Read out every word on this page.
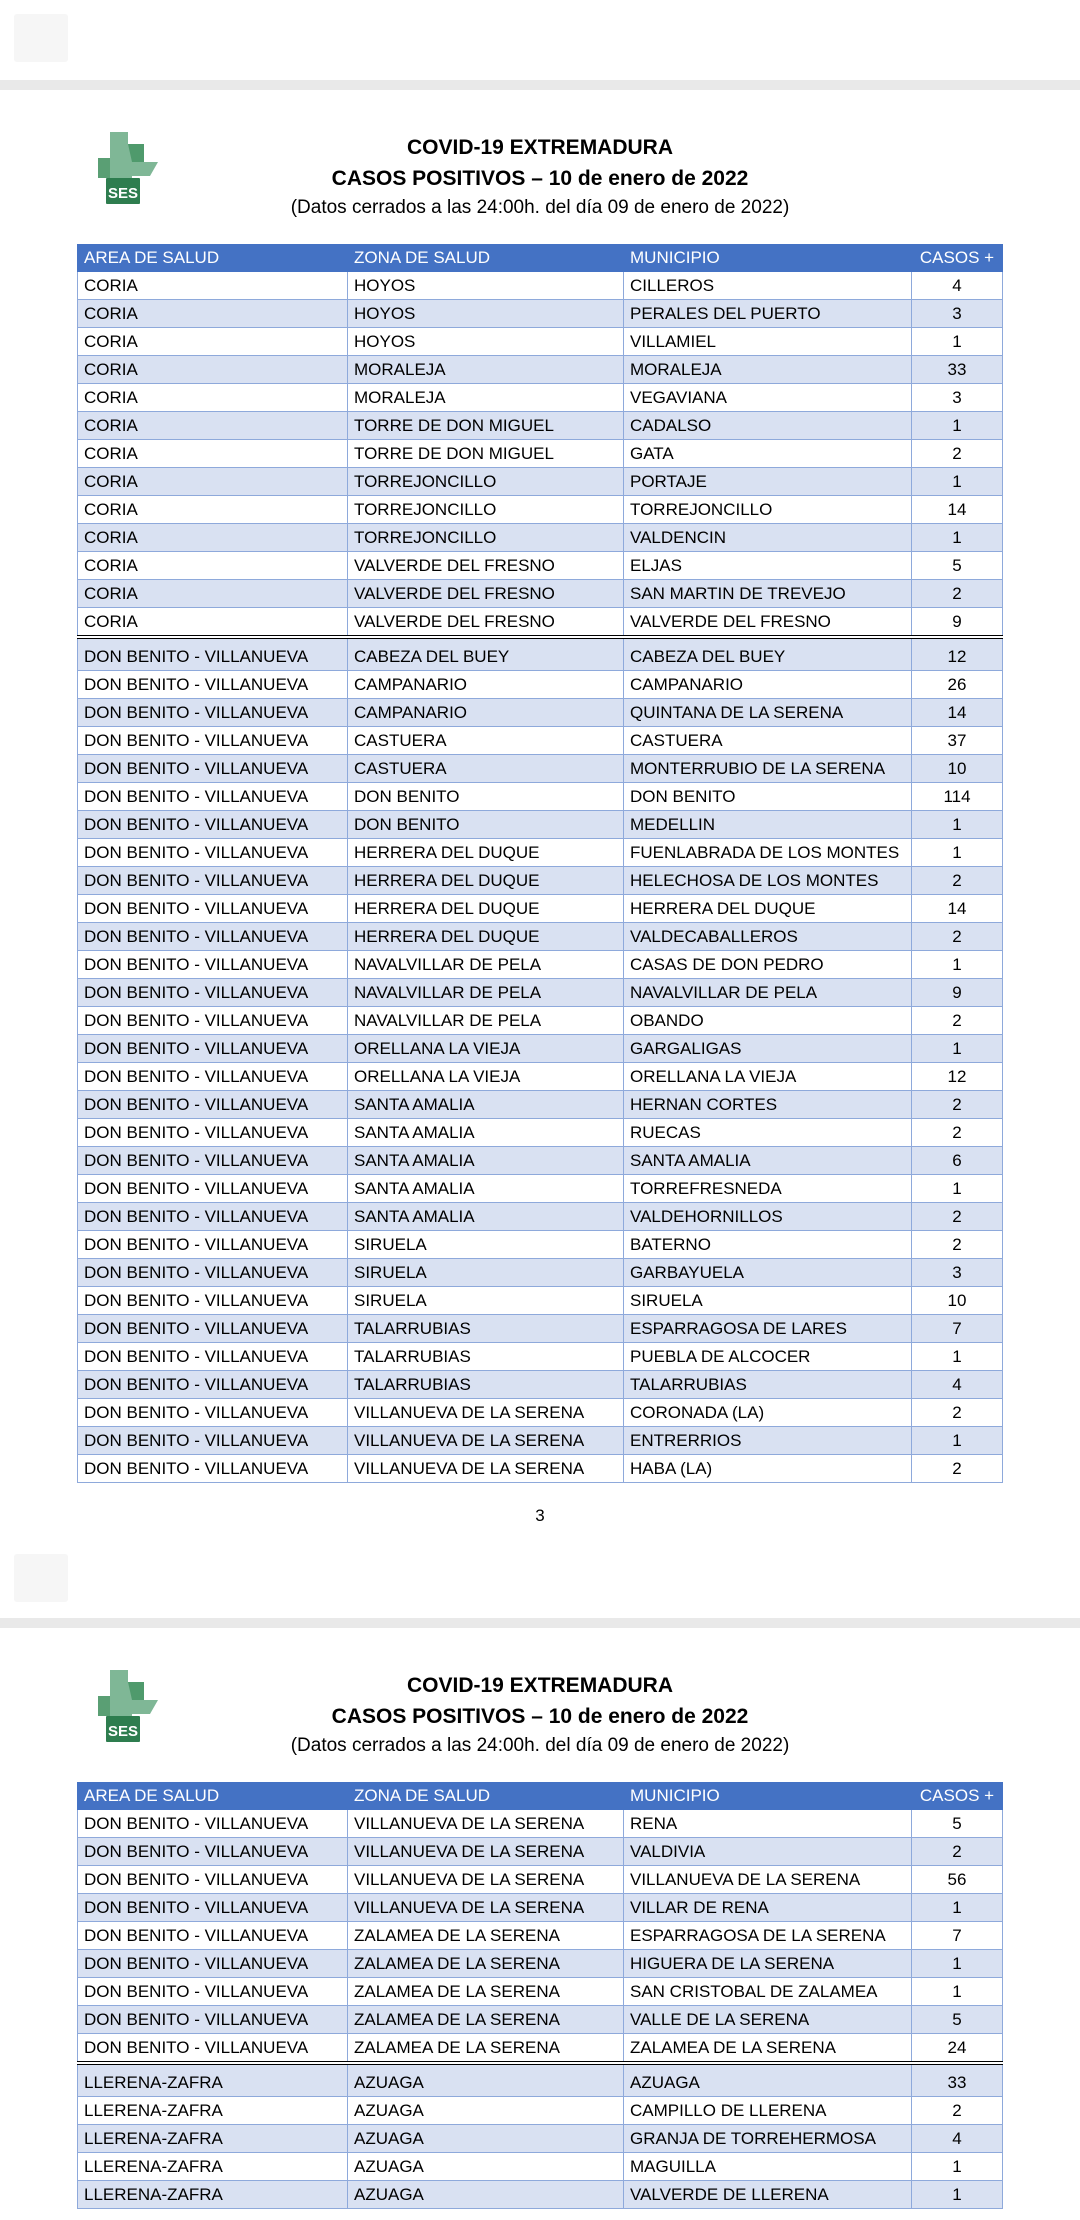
SES
COVID-19 EXTREMADURA
CASOS POSITIVOS – 10 de enero de 2022
(Datos cerrados a las 24:00h. del día 09 de enero de 2022)
AREA DE SALUD	ZONA DE SALUD	MUNICIPIO	CASOS +
CORIA	HOYOS	CILLEROS	4
CORIA	HOYOS	PERALES DEL PUERTO	3
CORIA	HOYOS	VILLAMIEL	1
CORIA	MORALEJA	MORALEJA	33
CORIA	MORALEJA	VEGAVIANA	3
CORIA	TORRE DE DON MIGUEL	CADALSO	1
CORIA	TORRE DE DON MIGUEL	GATA	2
CORIA	TORREJONCILLO	PORTAJE	1
CORIA	TORREJONCILLO	TORREJONCILLO	14
CORIA	TORREJONCILLO	VALDENCIN	1
CORIA	VALVERDE DEL FRESNO	ELJAS	5
CORIA	VALVERDE DEL FRESNO	SAN MARTIN DE TREVEJO	2
CORIA	VALVERDE DEL FRESNO	VALVERDE DEL FRESNO	9
DON BENITO - VILLANUEVA	CABEZA DEL BUEY	CABEZA DEL BUEY	12
DON BENITO - VILLANUEVA	CAMPANARIO	CAMPANARIO	26
DON BENITO - VILLANUEVA	CAMPANARIO	QUINTANA DE LA SERENA	14
DON BENITO - VILLANUEVA	CASTUERA	CASTUERA	37
DON BENITO - VILLANUEVA	CASTUERA	MONTERRUBIO DE LA SERENA	10
DON BENITO - VILLANUEVA	DON BENITO	DON BENITO	114
DON BENITO - VILLANUEVA	DON BENITO	MEDELLIN	1
DON BENITO - VILLANUEVA	HERRERA DEL DUQUE	FUENLABRADA DE LOS MONTES	1
DON BENITO - VILLANUEVA	HERRERA DEL DUQUE	HELECHOSA DE LOS MONTES	2
DON BENITO - VILLANUEVA	HERRERA DEL DUQUE	HERRERA DEL DUQUE	14
DON BENITO - VILLANUEVA	HERRERA DEL DUQUE	VALDECABALLEROS	2
DON BENITO - VILLANUEVA	NAVALVILLAR DE PELA	CASAS DE DON PEDRO	1
DON BENITO - VILLANUEVA	NAVALVILLAR DE PELA	NAVALVILLAR DE PELA	9
DON BENITO - VILLANUEVA	NAVALVILLAR DE PELA	OBANDO	2
DON BENITO - VILLANUEVA	ORELLANA LA VIEJA	GARGALIGAS	1
DON BENITO - VILLANUEVA	ORELLANA LA VIEJA	ORELLANA LA VIEJA	12
DON BENITO - VILLANUEVA	SANTA AMALIA	HERNAN CORTES	2
DON BENITO - VILLANUEVA	SANTA AMALIA	RUECAS	2
DON BENITO - VILLANUEVA	SANTA AMALIA	SANTA AMALIA	6
DON BENITO - VILLANUEVA	SANTA AMALIA	TORREFRESNEDA	1
DON BENITO - VILLANUEVA	SANTA AMALIA	VALDEHORNILLOS	2
DON BENITO - VILLANUEVA	SIRUELA	BATERNO	2
DON BENITO - VILLANUEVA	SIRUELA	GARBAYUELA	3
DON BENITO - VILLANUEVA	SIRUELA	SIRUELA	10
DON BENITO - VILLANUEVA	TALARRUBIAS	ESPARRAGOSA DE LARES	7
DON BENITO - VILLANUEVA	TALARRUBIAS	PUEBLA DE ALCOCER	1
DON BENITO - VILLANUEVA	TALARRUBIAS	TALARRUBIAS	4
DON BENITO - VILLANUEVA	VILLANUEVA DE LA SERENA	CORONADA (LA)	2
DON BENITO - VILLANUEVA	VILLANUEVA DE LA SERENA	ENTRERRIOS	1
DON BENITO - VILLANUEVA	VILLANUEVA DE LA SERENA	HABA (LA)	2
3
SES
COVID-19 EXTREMADURA
CASOS POSITIVOS – 10 de enero de 2022
(Datos cerrados a las 24:00h. del día 09 de enero de 2022)
AREA DE SALUD	ZONA DE SALUD	MUNICIPIO	CASOS +
DON BENITO - VILLANUEVA	VILLANUEVA DE LA SERENA	RENA	5
DON BENITO - VILLANUEVA	VILLANUEVA DE LA SERENA	VALDIVIA	2
DON BENITO - VILLANUEVA	VILLANUEVA DE LA SERENA	VILLANUEVA DE LA SERENA	56
DON BENITO - VILLANUEVA	VILLANUEVA DE LA SERENA	VILLAR DE RENA	1
DON BENITO - VILLANUEVA	ZALAMEA DE LA SERENA	ESPARRAGOSA DE LA SERENA	7
DON BENITO - VILLANUEVA	ZALAMEA DE LA SERENA	HIGUERA DE LA SERENA	1
DON BENITO - VILLANUEVA	ZALAMEA DE LA SERENA	SAN CRISTOBAL DE ZALAMEA	1
DON BENITO - VILLANUEVA	ZALAMEA DE LA SERENA	VALLE DE LA SERENA	5
DON BENITO - VILLANUEVA	ZALAMEA DE LA SERENA	ZALAMEA DE LA SERENA	24
LLERENA-ZAFRA	AZUAGA	AZUAGA	33
LLERENA-ZAFRA	AZUAGA	CAMPILLO DE LLERENA	2
LLERENA-ZAFRA	AZUAGA	GRANJA DE TORREHERMOSA	4
LLERENA-ZAFRA	AZUAGA	MAGUILLA	1
LLERENA-ZAFRA	AZUAGA	VALVERDE DE LLERENA	1
